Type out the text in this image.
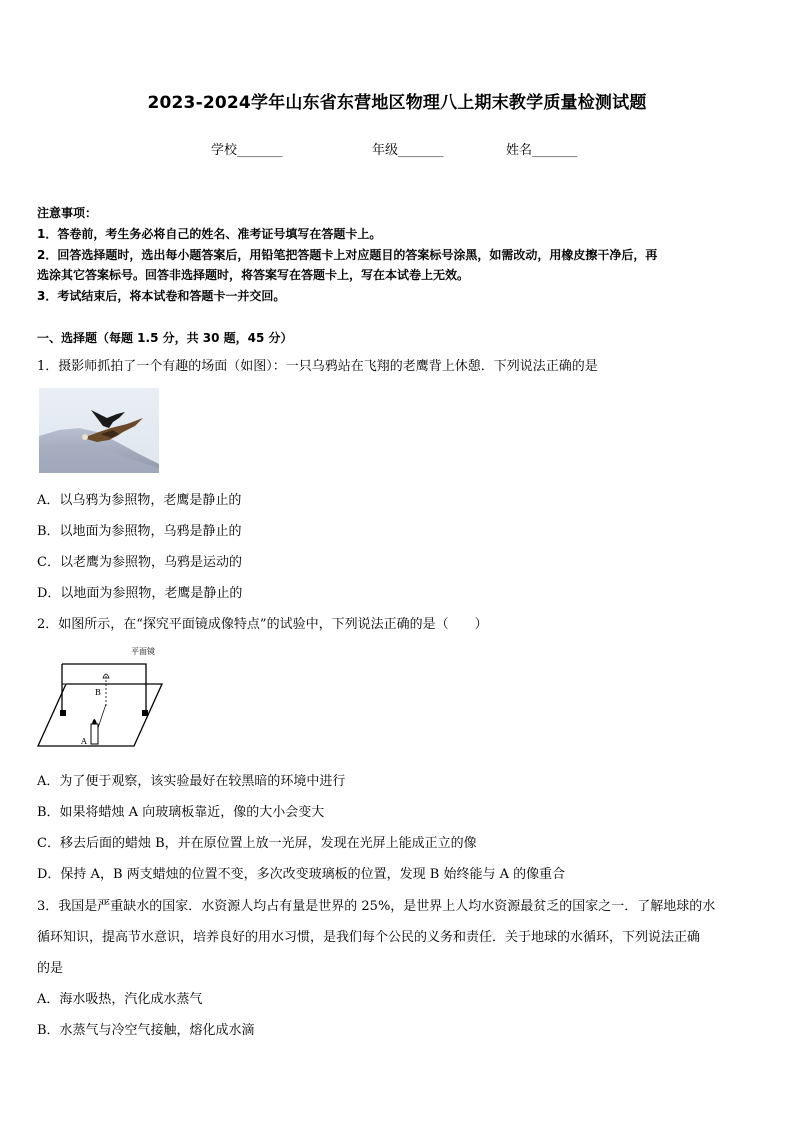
2023-2024学年山东省东营地区物理八上期末教学质量检测试题
学校_______	年级_______	姓名_______
注意事项：
1．答卷前，考生务必将自己的姓名、准考证号填写在答题卡上。
2．回答选择题时，选出每小题答案后，用铅笔把答题卡上对应题目的答案标号涂黑，如需改动，用橡皮擦干净后，再
选涂其它答案标号。回答非选择题时，将答案写在答题卡上，写在本试卷上无效。
3．考试结束后，将本试卷和答题卡一并交回。
一、选择题（每题 1.5 分，共 30 题，45 分）
1．摄影师抓拍了一个有趣的场面（如图）：一只乌鸦站在飞翔的老鹰背上休憩．下列说法正确的是
A．以乌鸦为参照物，老鹰是静止的
B．以地面为参照物，乌鸦是静止的
C．以老鹰为参照物，乌鸦是运动的
D．以地面为参照物，老鹰是静止的
2．如图所示，在“探究平面镜成像特点”的试验中，下列说法正确的是（　　）
平面镜
B
A
A．为了便于观察，该实验最好在较黑暗的环境中进行
B．如果将蜡烛 A 向玻璃板靠近，像的大小会变大
C．移去后面的蜡烛 B，并在原位置上放一光屏，发现在光屏上能成正立的像
D．保持 A，B 两支蜡烛的位置不变，多次改变玻璃板的位置，发现 B 始终能与 A 的像重合
3．我国是严重缺水的国家．水资源人均占有量是世界的 25%，是世界上人均水资源最贫乏的国家之一．了解地球的水
循环知识，提高节水意识，培养良好的用水习惯，是我们每个公民的义务和责任．关于地球的水循环，下列说法正确
的是
A．海水吸热，汽化成水蒸气
B．水蒸气与冷空气接触，熔化成水滴
